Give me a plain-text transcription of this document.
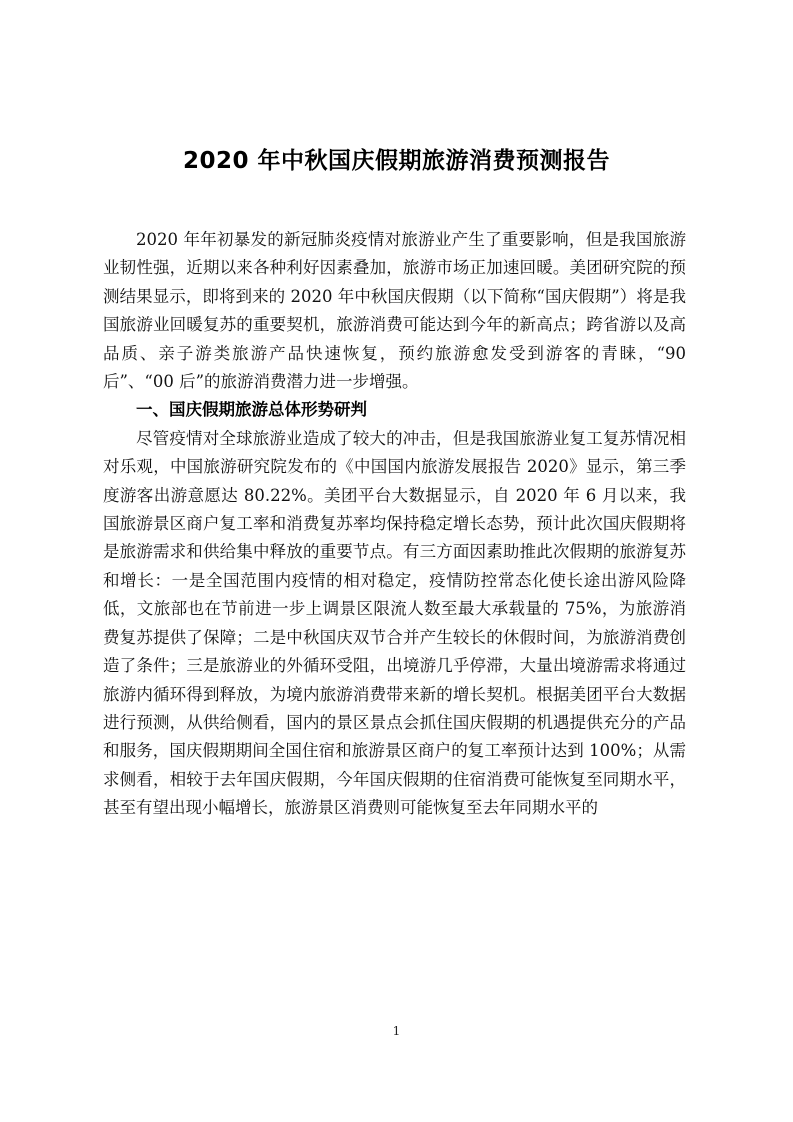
2020 年中秋国庆假期旅游消费预测报告

2020 年年初暴发的新冠肺炎疫情对旅游业产生了重要影响，但是我国旅游业韧性强，近期以来各种利好因素叠加，旅游市场正加速回暖。美团研究院的预测结果显示，即将到来的 2020 年中秋国庆假期（以下简称“国庆假期”）将是我国旅游业回暖复苏的重要契机，旅游消费可能达到今年的新高点；跨省游以及高品质、亲子游类旅游产品快速恢复，预约旅游愈发受到游客的青睐，“90 后”、“00 后”的旅游消费潜力进一步增强。

一、国庆假期旅游总体形势研判

尽管疫情对全球旅游业造成了较大的冲击，但是我国旅游业复工复苏情况相对乐观，中国旅游研究院发布的《中国国内旅游发展报告 2020》显示，第三季度游客出游意愿达 80.22%。美团平台大数据显示，自 2020 年 6 月以来，我国旅游景区商户复工率和消费复苏率均保持稳定增长态势，预计此次国庆假期将是旅游需求和供给集中释放的重要节点。有三方面因素助推此次假期的旅游复苏和增长：一是全国范围内疫情的相对稳定，疫情防控常态化使长途出游风险降低，文旅部也在节前进一步上调景区限流人数至最大承载量的 75%，为旅游消费复苏提供了保障；二是中秋国庆双节合并产生较长的休假时间，为旅游消费创造了条件；三是旅游业的外循环受阻，出境游几乎停滞，大量出境游需求将通过旅游内循环得到释放，为境内旅游消费带来新的增长契机。根据美团平台大数据进行预测，从供给侧看，国内的景区景点会抓住国庆假期的机遇提供充分的产品和服务，国庆假期期间全国住宿和旅游景区商户的复工率预计达到 100%；从需求侧看，相较于去年国庆假期，今年国庆假期的住宿消费可能恢复至同期水平，甚至有望出现小幅增长，旅游景区消费则可能恢复至去年同期水平的

1
